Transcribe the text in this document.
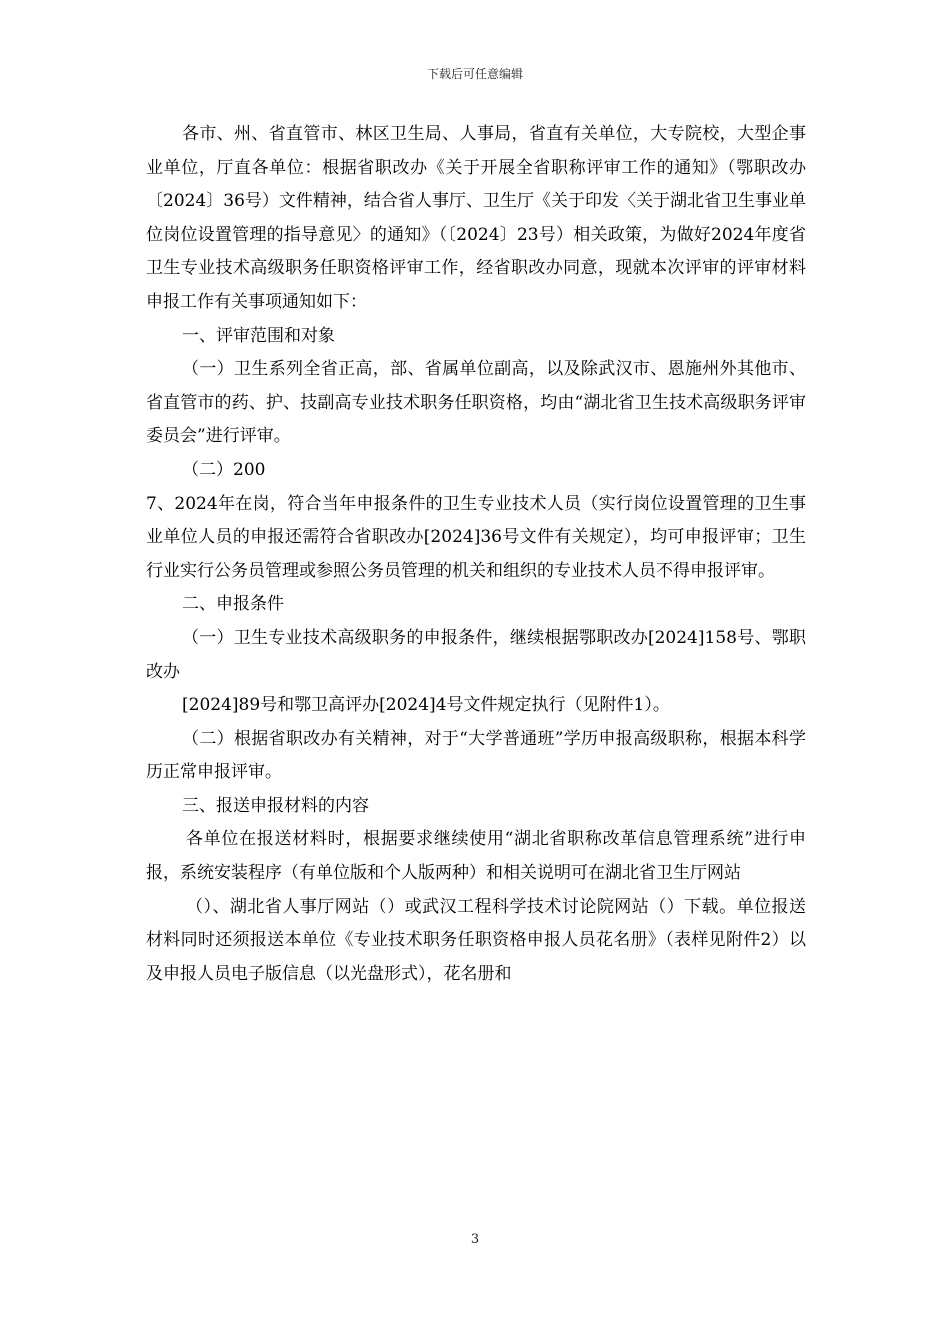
下载后可任意编辑

各市、州、省直管市、林区卫生局、人事局，省直有关单位，大专院校，大型企事业单位，厅直各单位：根据省职改办《关于开展全省职称评审工作的通知》（鄂职改办〔2024〕36号）文件精神，结合省人事厅、卫生厅《关于印发〈关于湖北省卫生事业单位岗位设置管理的指导意见〉的通知》（〔2024〕23号）相关政策，为做好2024年度省卫生专业技术高级职务任职资格评审工作，经省职改办同意，现就本次评审的评审材料申报工作有关事项通知如下：

一、评审范围和对象

（一）卫生系列全省正高，部、省属单位副高，以及除武汉市、恩施州外其他市、省直管市的药、护、技副高专业技术职务任职资格，均由“湖北省卫生技术高级职务评审委员会”进行评审。

（二）200

7、2024年在岗，符合当年申报条件的卫生专业技术人员（实行岗位设置管理的卫生事业单位人员的申报还需符合省职改办[2024]36号文件有关规定），均可申报评审；卫生行业实行公务员管理或参照公务员管理的机关和组织的专业技术人员不得申报评审。

二、申报条件

（一）卫生专业技术高级职务的申报条件，继续根据鄂职改办[2024]158号、鄂职改办

[2024]89号和鄂卫高评办[2024]4号文件规定执行（见附件1）。

（二）根据省职改办有关精神，对于“大学普通班”学历申报高级职称，根据本科学历正常申报评审。

三、报送申报材料的内容

各单位在报送材料时，根据要求继续使用“湖北省职称改革信息管理系统”进行申报，系统安装程序（有单位版和个人版两种）和相关说明可在湖北省卫生厅网站

（）、湖北省人事厅网站（）或武汉工程科学技术讨论院网站（）下载。单位报送材料同时还须报送本单位《专业技术职务任职资格申报人员花名册》（表样见附件2）以及申报人员电子版信息（以光盘形式），花名册和

3
